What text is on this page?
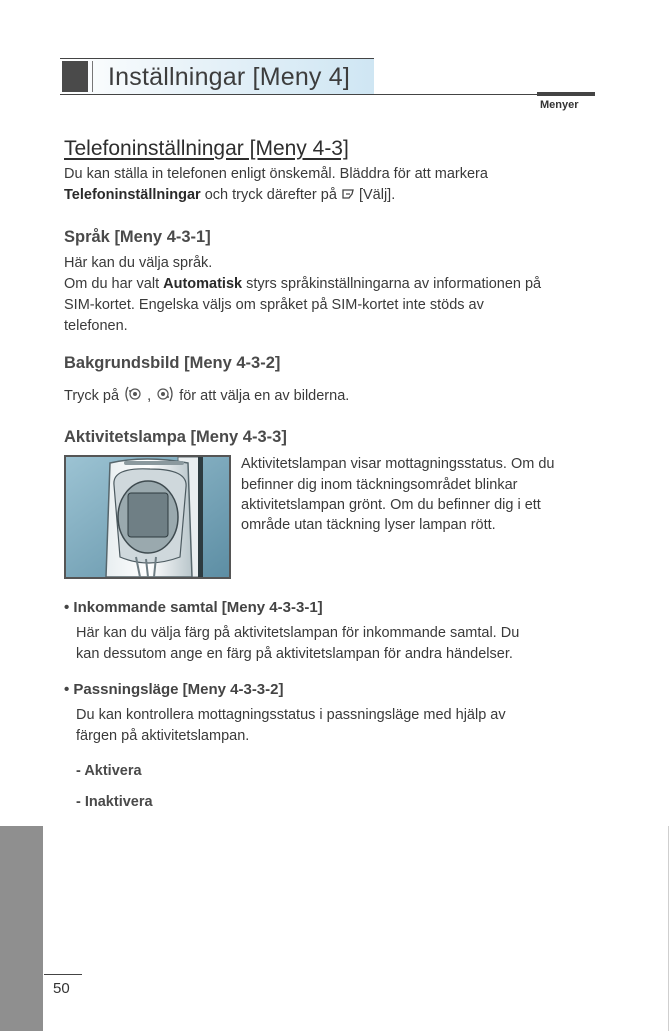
Inställningar [Meny 4]
Menyer
Telefoninställningar [Meny 4-3]

Du kan ställa in telefonen enligt önskemål. Bläddra för att markera

Telefoninställningar och tryck därefter på  [Välj].

Språk [Meny 4-3-1]

Här kan du välja språk.

Om du har valt Automatisk styrs språkinställningarna av informationen på

SIM-kortet. Engelska väljs om språket på SIM-kortet inte stöds av

telefonen.

Bakgrundsbild [Meny 4-3-2]

Tryck på  ,  för att välja en av bilderna.

Aktivitetslampa [Meny 4-3-3]

Aktivitetslampan visar mottagningsstatus. Om du

befinner dig inom täckningsområdet blinkar

aktivitetslampan grönt. Om du befinner dig i ett

område utan täckning lyser lampan rött.

• Inkommande samtal [Meny 4-3-3-1]

Här kan du välja färg på aktivitetslampan för inkommande samtal. Du

kan dessutom ange en färg på aktivitetslampan för andra händelser.

• Passningsläge [Meny 4-3-3-2]

Du kan kontrollera mottagningsstatus i passningsläge med hjälp av

färgen på aktivitetslampan.

- Aktivera

- Inaktivera

50
